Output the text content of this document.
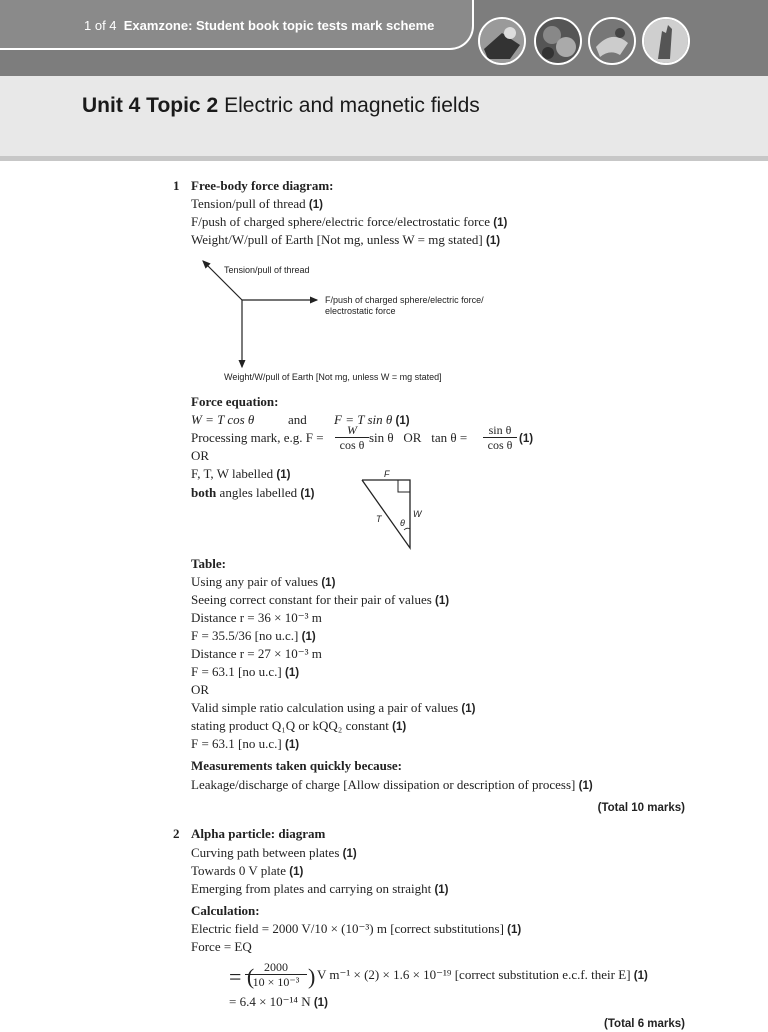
1 of 4 Examzone: Student book topic tests mark scheme
Unit 4 Topic 2 Electric and magnetic fields
1 Free-body force diagram:
Tension/pull of thread (1)
F/push of charged sphere/electric force/electrostatic force (1)
Weight/W/pull of Earth [Not mg, unless W = mg stated] (1)
Tension/pull of thread
F/push of charged sphere/electric force/
electrostatic force
Weight/W/pull of Earth [Not mg, unless W = mg stated]
Force equation:
W = T cos θ	and F = T sin θ (1)
Processing mark, e.g. $F = \frac{W}{\text{cos θ}}$ sin θ   OR   $\tan \theta = \frac{\text{sin θ}}{\text{cos θ}} (1)$
OR
F, T, W labelled (1)
both angles labelled (1)
F
T	W
θ
Table:
Using any pair of values (1)
Seeing correct constant for their pair of values (1)
Distance r = 36 × 10⁻³ m
F = 35.5/36 [no u.c.] (1)
Distance r = 27 × 10⁻³ m
F = 63.1 [no u.c.] (1)
OR
Valid simple ratio calculation using a pair of values (1)
stating product Q₁Q or kQQ₂ constant (1)
F = 63.1 [no u.c.] (1)
Measurements taken quickly because:
Leakage/discharge of charge [Allow dissipation or description of process] (1)
(Total 10 marks)
2 Alpha particle: diagram
Curving path between plates (1)
Towards 0 V plate (1)
Emerging from plates and carrying on straight (1)
Calculation:
Electric field = 2000 V/10 × (10⁻³) m [correct substitutions] (1)
Force = EQ
= (
$\frac{2000}{\text{10 × 10⁻³}}$ ) V m⁻¹ × (2) × 1.6 × 10⁻¹⁹ [correct substitution e.c.f. their E] (1)
= 6.4 × 10⁻¹⁴ N (1)
(Total 6 marks)
